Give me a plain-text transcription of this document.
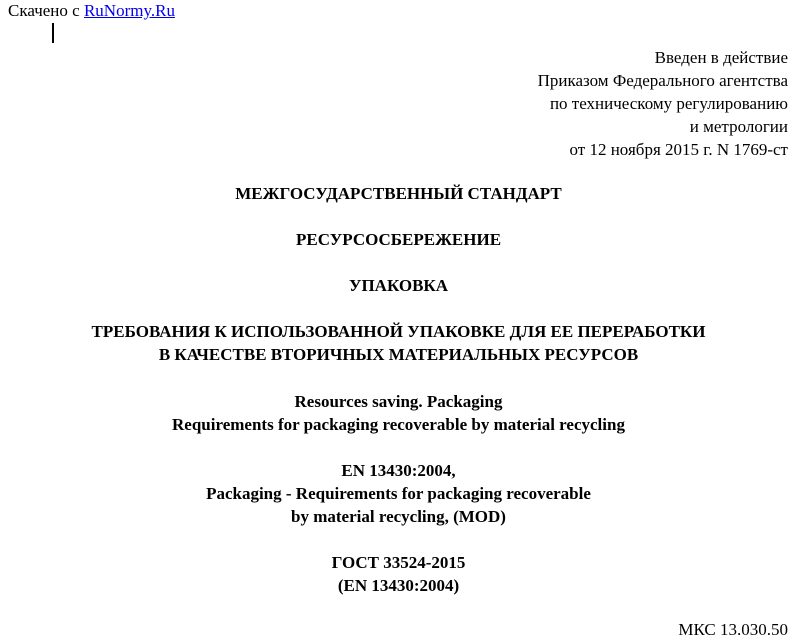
Скачено с RuNormy.Ru
Введен в действие
Приказом Федерального агентства
по техническому регулированию
и метрологии
от 12 ноября 2015 г. N 1769-ст
МЕЖГОСУДАРСТВЕННЫЙ СТАНДАРТ
РЕСУРСОСБЕРЕЖЕНИЕ
УПАКОВКА
ТРЕБОВАНИЯ К ИСПОЛЬЗОВАННОЙ УПАКОВКЕ ДЛЯ ЕЕ ПЕРЕРАБОТКИ
В КАЧЕСТВЕ ВТОРИЧНЫХ МАТЕРИАЛЬНЫХ РЕСУРСОВ
Resources saving. Packaging
Requirements for packaging recoverable by material recycling
EN 13430:2004,
Packaging - Requirements for packaging recoverable
by material recycling, (MOD)
ГОСТ 33524-2015
(EN 13430:2004)
МКС 13.030.50
